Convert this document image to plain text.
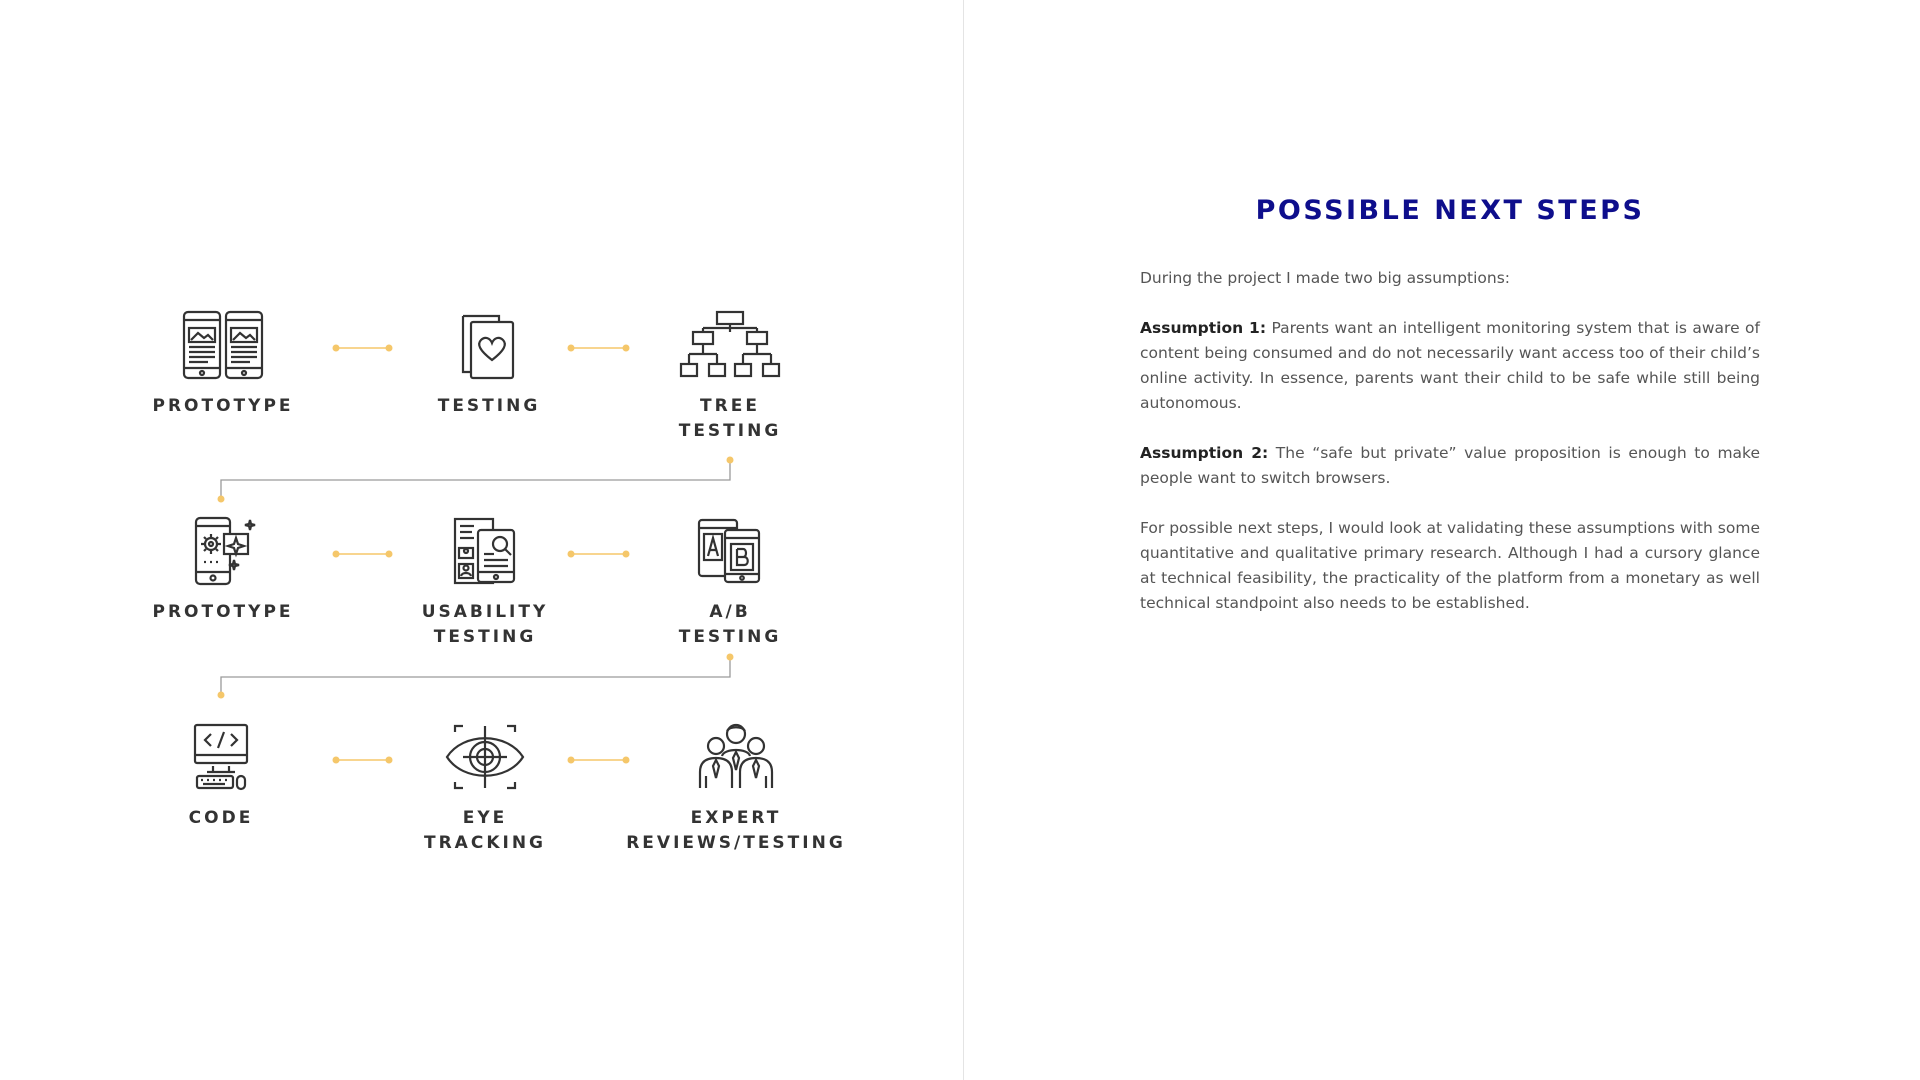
PROTOTYPE	TESTING	TREE
TESTING
PROTOTYPE	USABILITY
TESTING
A/B
TESTING
CODE	EYE
TRACKING
EXPERT
REVIEWS/TESTING
POSSIBLE NEXT STEPS

During the project I made two big assumptions:

Assumption 1: Parents want an intelligent monitoring system that is aware of content being consumed and do not necessarily want access too of their child’s online activity. In essence, parents want their child to be safe while still being autonomous.

Assumption 2: The “safe but private” value proposition is enough to make people want to switch browsers.

For possible next steps, I would look at validating these assumptions with some quantitative and qualitative primary research. Although I had a cursory glance at technical feasibility, the practicality of the platform from a monetary as well technical standpoint also needs to be established.
